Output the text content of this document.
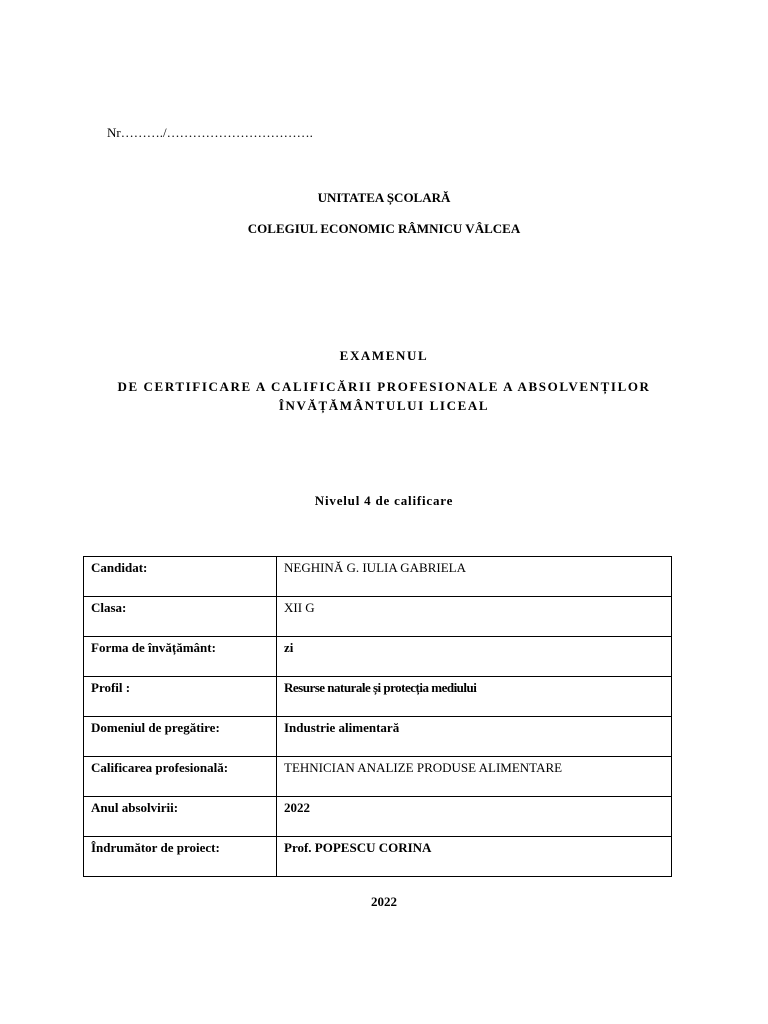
Nr………./…………………………….
UNITATEA ȘCOLARĂ
COLEGIUL ECONOMIC RÂMNICU VÂLCEA
EXAMENUL
DE CERTIFICARE A CALIFICĂRII PROFESIONALE A ABSOLVENȚILOR
ÎNVĂȚĂMÂNTULUI LICEAL
Nivelul 4 de calificare
Candidat:	NEGHINĂ G. IULIA GABRIELA
Clasa:	XII G
Forma de învățământ:	zi
Profil :	Resurse naturale și protecția mediului
Domeniul de pregătire:	Industrie alimentară
Calificarea profesională:	TEHNICIAN ANALIZE PRODUSE ALIMENTARE
Anul absolvirii:	2022
Îndrumător de proiect:	Prof. POPESCU CORINA
2022
